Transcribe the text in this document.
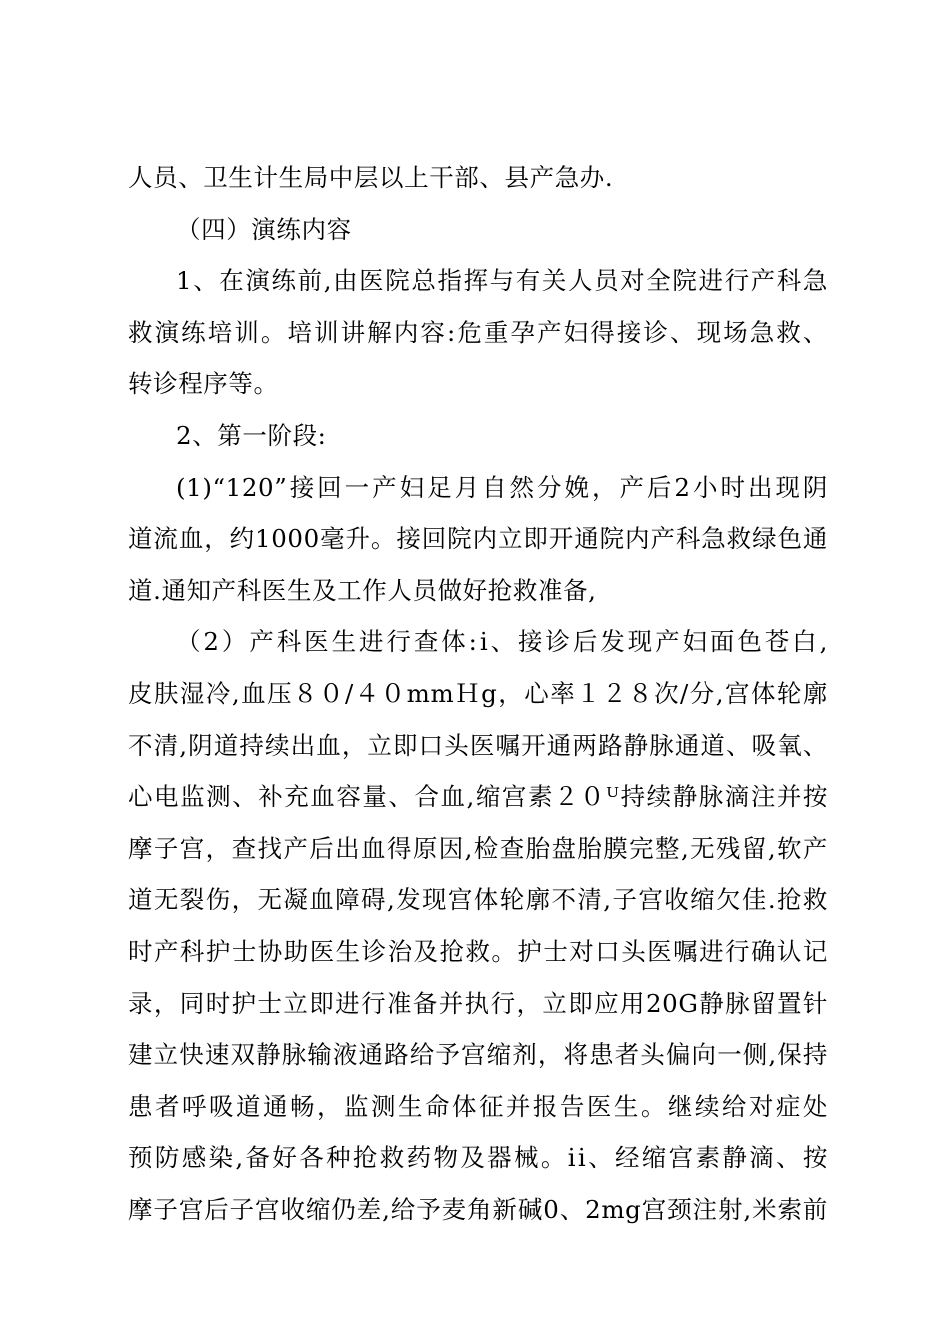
人员、卫生计生局中层以上干部、县产急办.
（四）演练内容
1、在演练前,由医院总指挥与有关人员对全院进行产科急
救演练培训。培训讲解内容:危重孕产妇得接诊、现场急救、
转诊程序等。
2、第一阶段:
(1)“120”接回一产妇足月自然分娩，产后2小时出现阴
道流血，约1000毫升。接回院内立即开通院内产科急救绿色通
道.通知产科医生及工作人员做好抢救准备,
（2）产科医生进行查体:ⅰ、接诊后发现产妇面色苍白,
皮肤湿冷,血压８０/４０mmＨg，心率１２８次/分,宫体轮廓
不清,阴道持续出血，立即口头医嘱开通两路静脉通道、吸氧、
心电监测、补充血容量、合血,缩宫素２０ᵁ持续静脉滴注并按
摩子宫，查找产后出血得原因,检查胎盘胎膜完整,无残留,软产
道无裂伤，无凝血障碍,发现宫体轮廓不清,子宫收缩欠佳.抢救
时产科护士协助医生诊治及抢救。护士对口头医嘱进行确认记
录，同时护士立即进行准备并执行，立即应用20G静脉留置针
建立快速双静脉输液通路给予宫缩剂，将患者头偏向一侧,保持
患者呼吸道通畅，监测生命体征并报告医生。继续给对症处
预防感染,备好各种抢救药物及器械。ⅰⅰ、经缩宫素静滴、按
摩子宫后子宫收缩仍差,给予麦角新碱0、2mg宫颈注射,米索前
